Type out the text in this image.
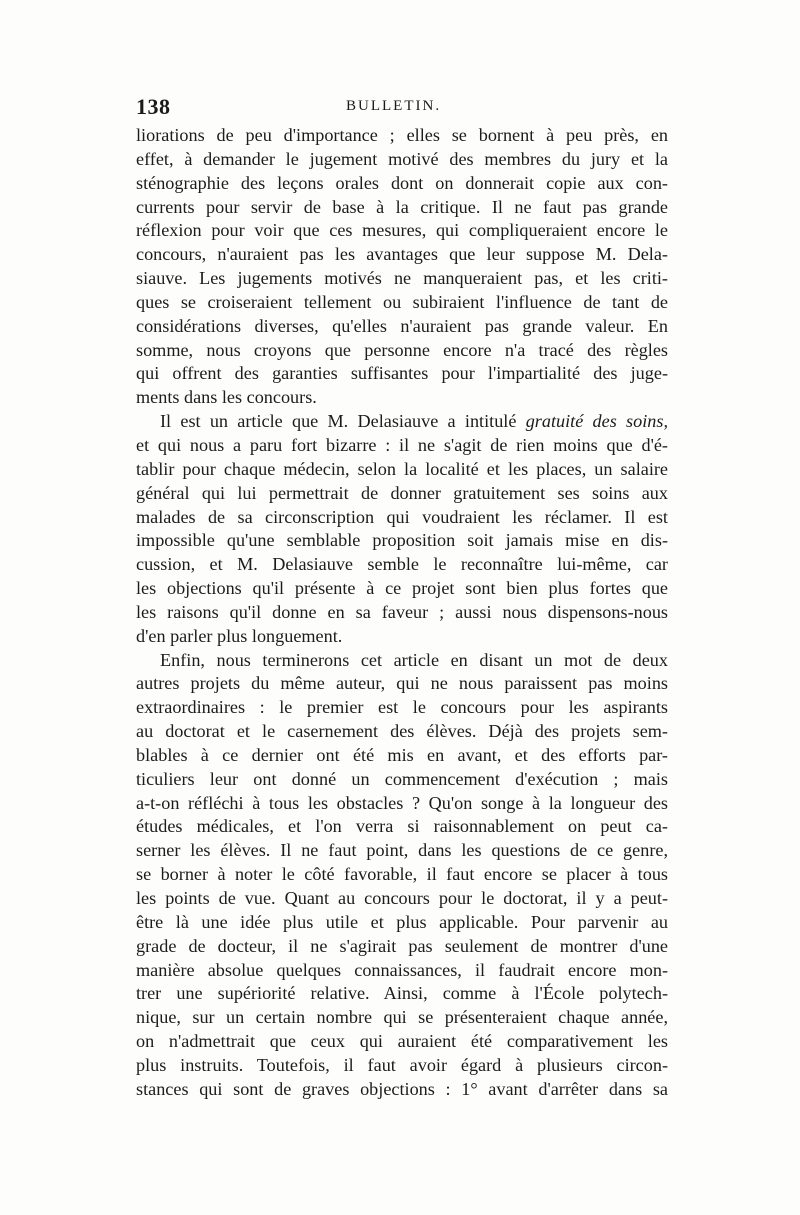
138	BULLETIN.
liorations de peu d'importance ; elles se bornent à peu près, en
effet, à demander le jugement motivé des membres du jury et la
sténographie des leçons orales dont on donnerait copie aux con-
currents pour servir de base à la critique. Il ne faut pas grande
réflexion pour voir que ces mesures, qui compliqueraient encore le
concours, n'auraient pas les avantages que leur suppose M. Dela-
siauve. Les jugements motivés ne manqueraient pas, et les criti-
ques se croiseraient tellement ou subiraient l'influence de tant de
considérations diverses, qu'elles n'auraient pas grande valeur. En
somme, nous croyons que personne encore n'a tracé des règles
qui offrent des garanties suffisantes pour l'impartialité des juge-
ments dans les concours.
Il est un article que M. Delasiauve a intitulé gratuité des soins,
et qui nous a paru fort bizarre : il ne s'agit de rien moins que d'é-
tablir pour chaque médecin, selon la localité et les places, un salaire
général qui lui permettrait de donner gratuitement ses soins aux
malades de sa circonscription qui voudraient les réclamer. Il est
impossible qu'une semblable proposition soit jamais mise en dis-
cussion, et M. Delasiauve semble le reconnaître lui-même, car
les objections qu'il présente à ce projet sont bien plus fortes que
les raisons qu'il donne en sa faveur ; aussi nous dispensons-nous
d'en parler plus longuement.
Enfin, nous terminerons cet article en disant un mot de deux
autres projets du même auteur, qui ne nous paraissent pas moins
extraordinaires : le premier est le concours pour les aspirants
au doctorat et le casernement des élèves. Déjà des projets sem-
blables à ce dernier ont été mis en avant, et des efforts par-
ticuliers leur ont donné un commencement d'exécution ; mais
a-t-on réfléchi à tous les obstacles ? Qu'on songe à la longueur des
études médicales, et l'on verra si raisonnablement on peut ca-
serner les élèves. Il ne faut point, dans les questions de ce genre,
se borner à noter le côté favorable, il faut encore se placer à tous
les points de vue. Quant au concours pour le doctorat, il y a peut-
être là une idée plus utile et plus applicable. Pour parvenir au
grade de docteur, il ne s'agirait pas seulement de montrer d'une
manière absolue quelques connaissances, il faudrait encore mon-
trer une supériorité relative. Ainsi, comme à l'École polytech-
nique, sur un certain nombre qui se présenteraient chaque année,
on n'admettrait que ceux qui auraient été comparativement les
plus instruits. Toutefois, il faut avoir égard à plusieurs circon-
stances qui sont de graves objections : 1° avant d'arrêter dans sa
